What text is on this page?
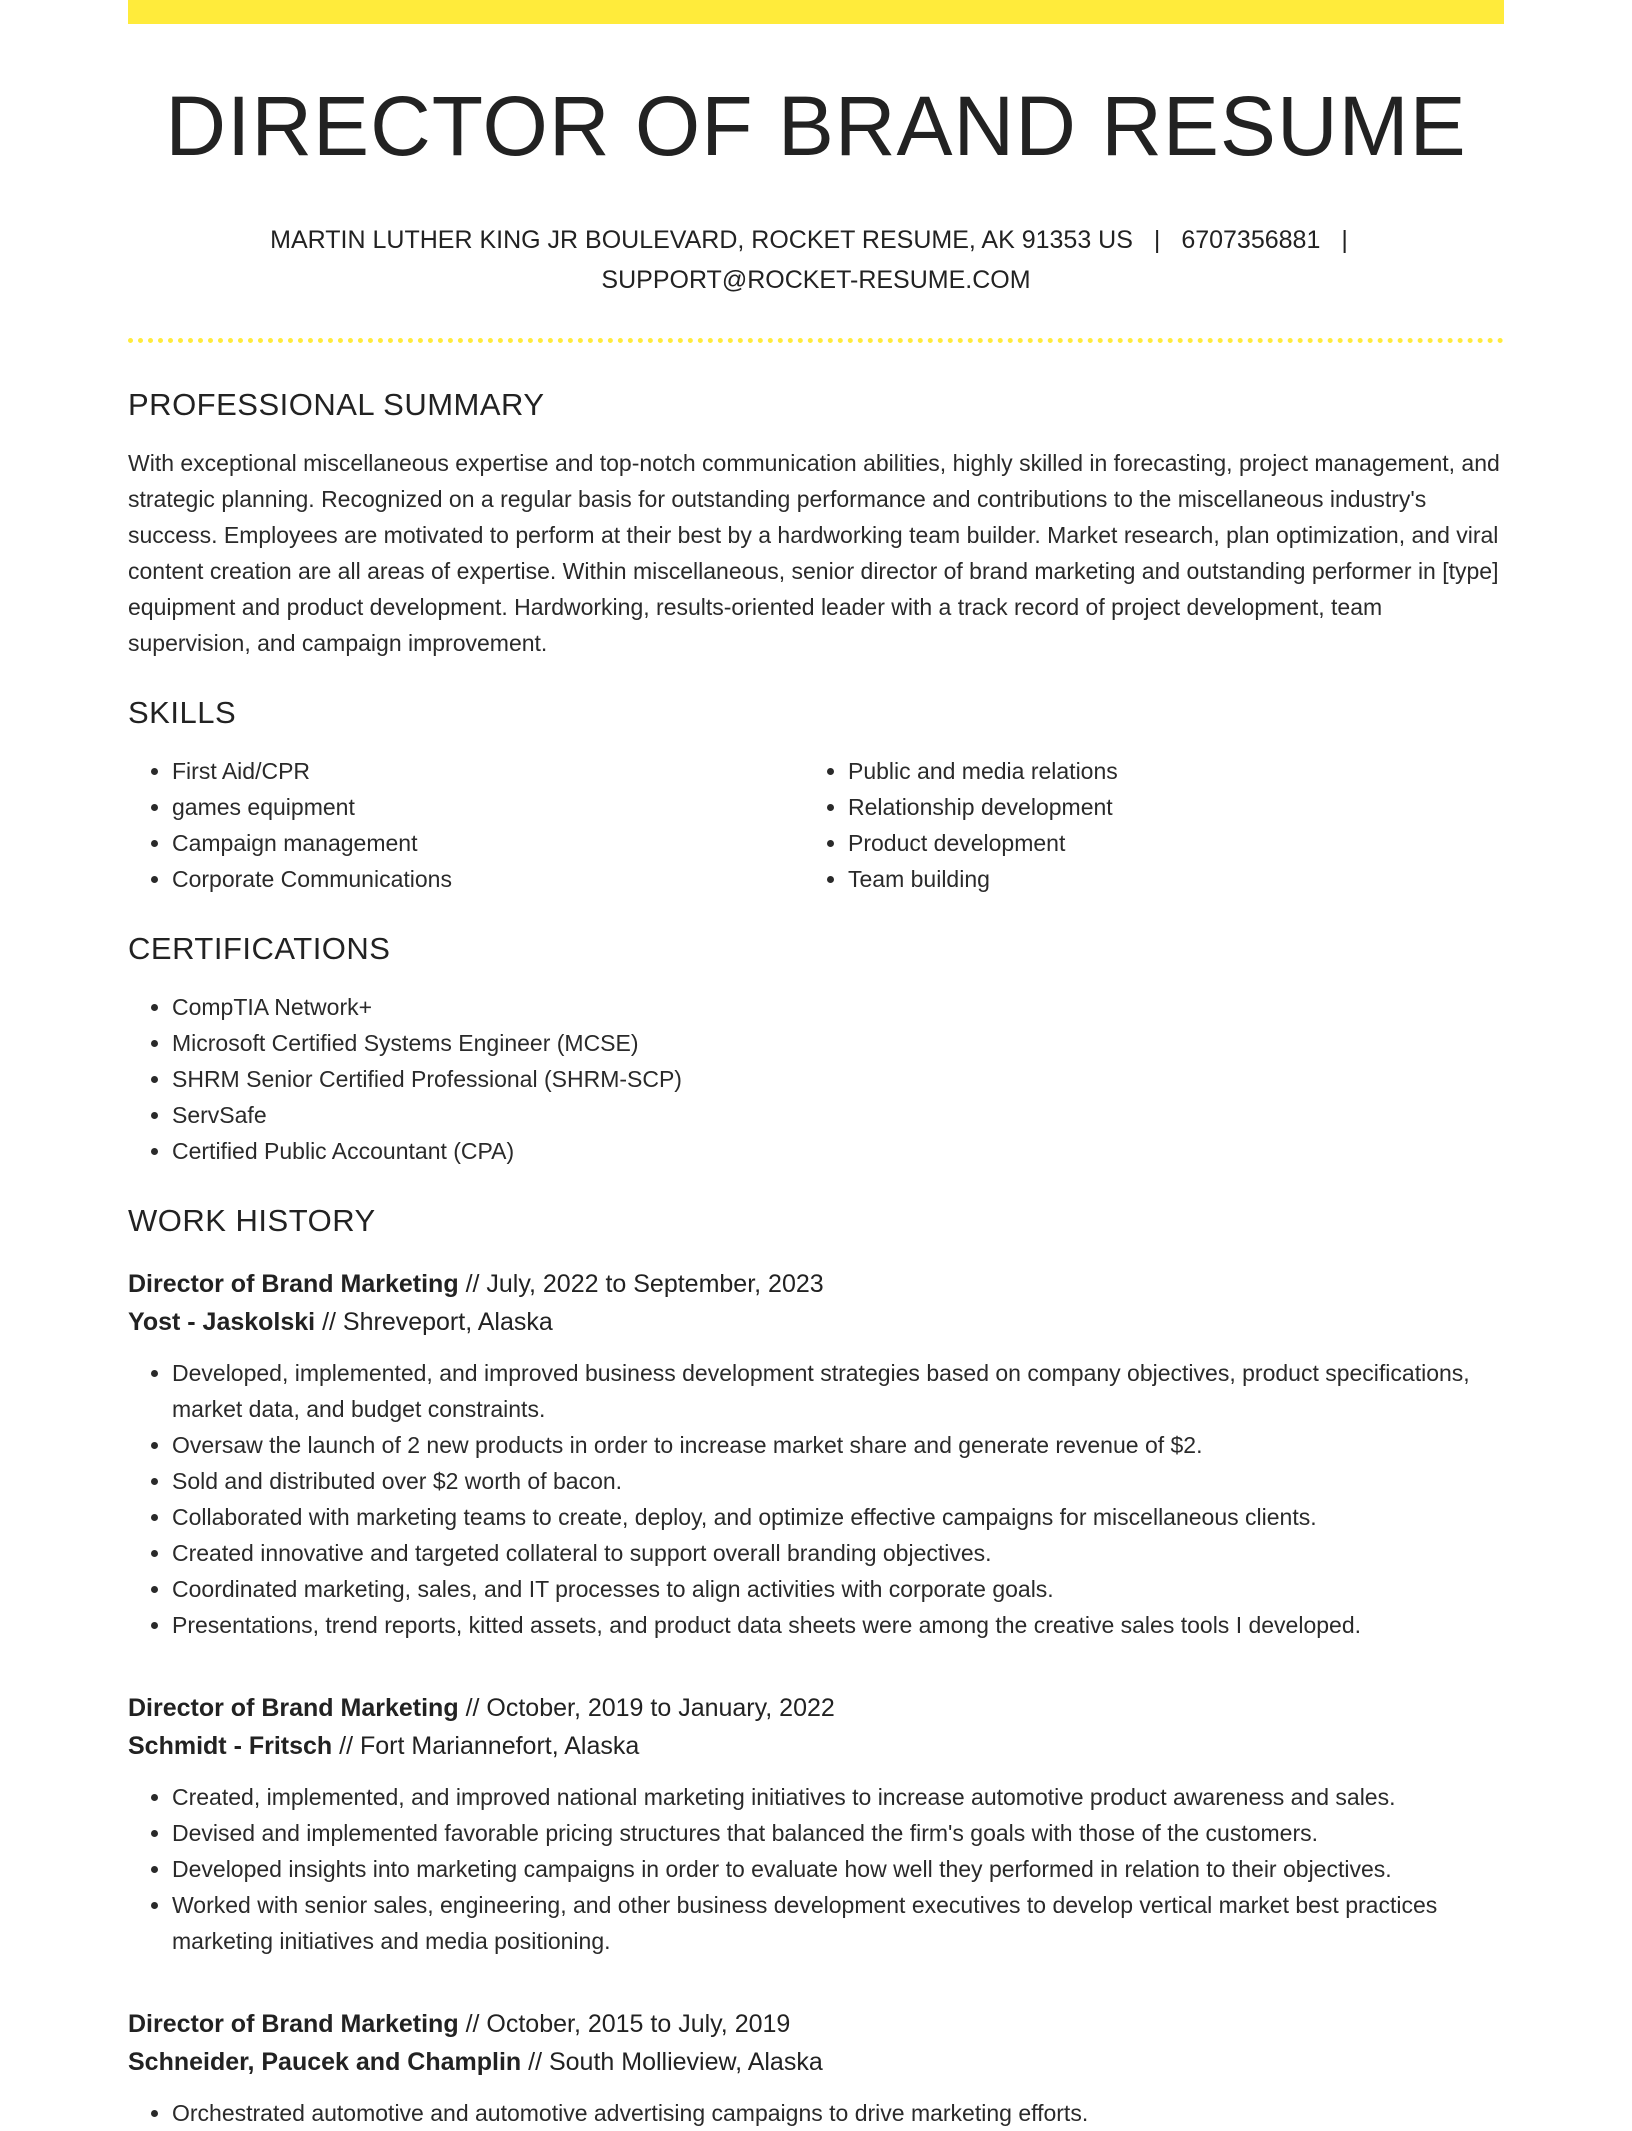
DIRECTOR OF BRAND RESUME
MARTIN LUTHER KING JR BOULEVARD, ROCKET RESUME, AK 91353 US | 6707356881 |
SUPPORT@ROCKET-RESUME.COM
PROFESSIONAL SUMMARY

With exceptional miscellaneous expertise and top-notch communication abilities, highly skilled in forecasting, project management, and strategic planning. Recognized on a regular basis for outstanding performance and contributions to the miscellaneous industry's success. Employees are motivated to perform at their best by a hardworking team builder. Market research, plan optimization, and viral content creation are all areas of expertise. Within miscellaneous, senior director of brand marketing and outstanding performer in [type] equipment and product development. Hardworking, results-oriented leader with a track record of project development, team supervision, and campaign improvement.

SKILLS
• First Aid/CPR
• games equipment
• Campaign management
• Corporate Communications
• Public and media relations
• Relationship development
• Product development
• Team building
CERTIFICATIONS
• CompTIA Network+
• Microsoft Certified Systems Engineer (MCSE)
• SHRM Senior Certified Professional (SHRM-SCP)
• ServSafe
• Certified Public Accountant (CPA)
WORK HISTORY
Director of Brand Marketing // July, 2022 to September, 2023
Yost - Jaskolski // Shreveport, Alaska
• Developed, implemented, and improved business development strategies based on company objectives, product specifications, market data, and budget constraints.
• Oversaw the launch of 2 new products in order to increase market share and generate revenue of $2.
• Sold and distributed over $2 worth of bacon.
• Collaborated with marketing teams to create, deploy, and optimize effective campaigns for miscellaneous clients.
• Created innovative and targeted collateral to support overall branding objectives.
• Coordinated marketing, sales, and IT processes to align activities with corporate goals.
• Presentations, trend reports, kitted assets, and product data sheets were among the creative sales tools I developed.
Director of Brand Marketing // October, 2019 to January, 2022
Schmidt - Fritsch // Fort Mariannefort, Alaska
• Created, implemented, and improved national marketing initiatives to increase automotive product awareness and sales.
• Devised and implemented favorable pricing structures that balanced the firm's goals with those of the customers.
• Developed insights into marketing campaigns in order to evaluate how well they performed in relation to their objectives.
• Worked with senior sales, engineering, and other business development executives to develop vertical market best practices marketing initiatives and media positioning.
Director of Brand Marketing // October, 2015 to July, 2019
Schneider, Paucek and Champlin // South Mollieview, Alaska
• Orchestrated automotive and automotive advertising campaigns to drive marketing efforts.
